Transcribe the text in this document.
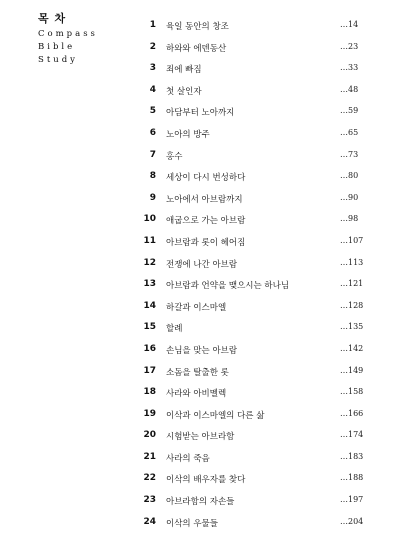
목 차
Compass
Bible
Study
1 육일 동안의 창조	…14
2 하와와 에덴동산	…23
3 죄에 빠짐	…33
4 첫 살인자	…48
5 아담부터 노아까지	…59
6 노아의 방주	…65
7 홍수	…73
8 세상이 다시 번성하다	…80
9 노아에서 아브람까지	…90
10 애굽으로 가는 아브람	…98
11 아브람과 롯이 헤어짐	…107
12 전쟁에 나간 아브람	…113
13 아브람과 언약을 맺으시는 하나님	…121
14 하갈과 이스마엘	…128
15 할례	…135
16 손님을 맞는 아브람	…142
17 소돔을 탈출한 롯	…149
18 사라와 아비멜렉	…158
19 이삭과 이스마엘의 다른 삶	…166
20 시험받는 아브라함	…174
21 사라의 죽음	…183
22 이삭의 배우자를 찾다	…188
23 아브라함의 자손들	…197
24 이삭의 우물들	…204
